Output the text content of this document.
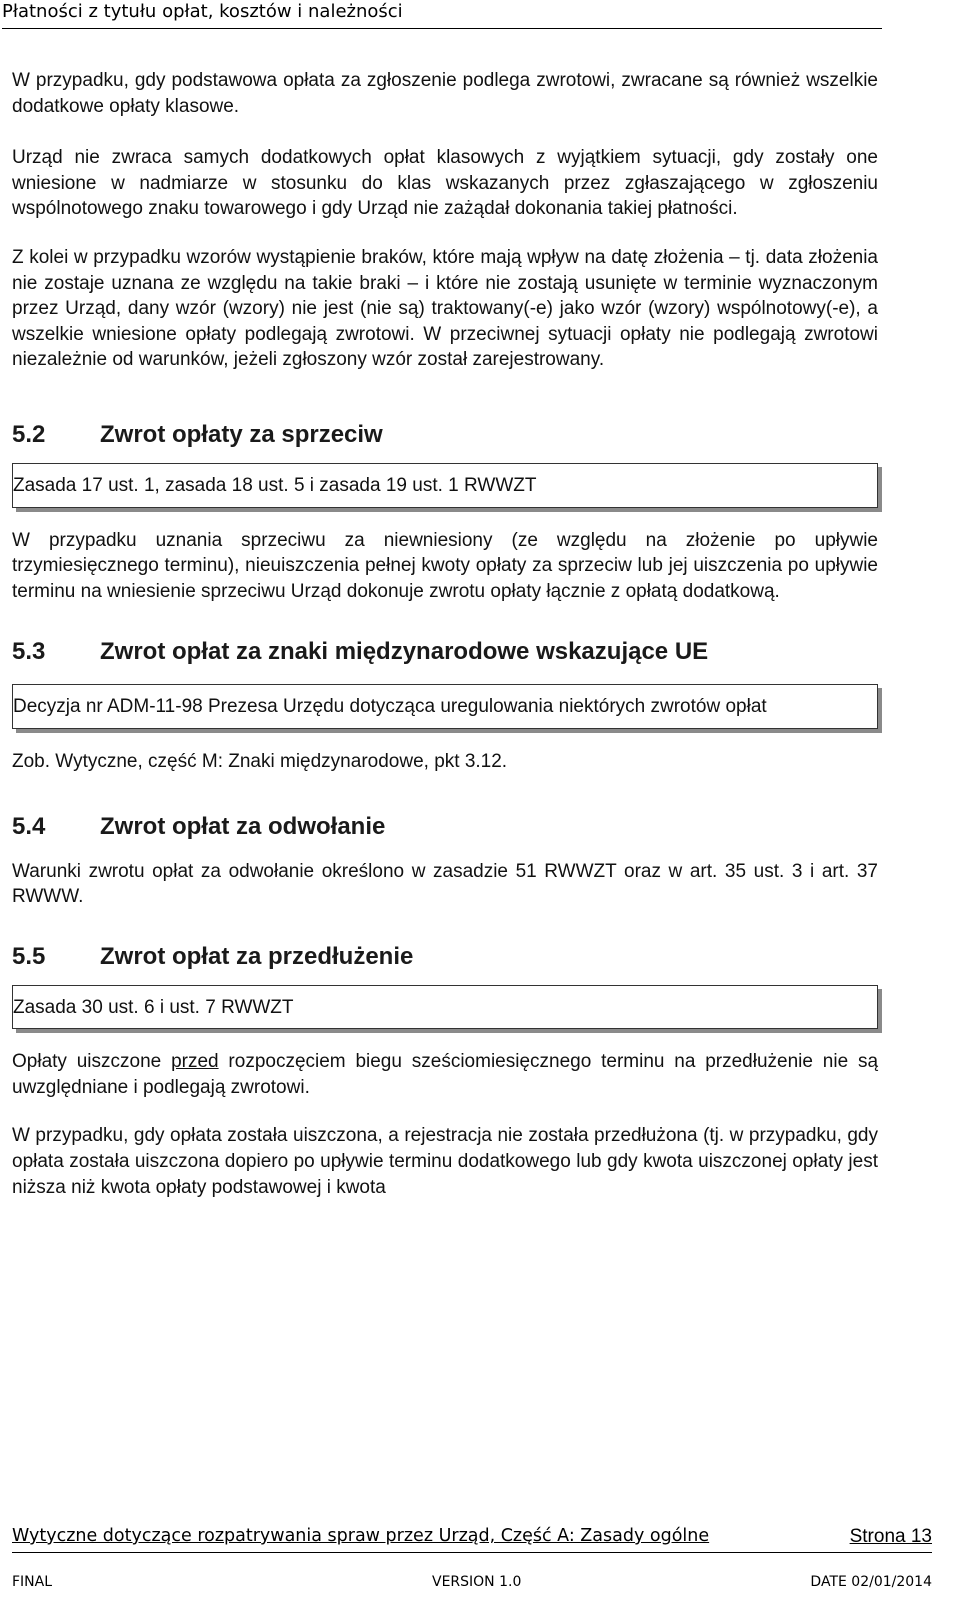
Płatności z tytułu opłat, kosztów i należności

W przypadku, gdy podstawowa opłata za zgłoszenie podlega zwrotowi, zwracane są również wszelkie dodatkowe opłaty klasowe.

Urząd nie zwraca samych dodatkowych opłat klasowych z wyjątkiem sytuacji, gdy zostały one wniesione w nadmiarze w stosunku do klas wskazanych przez zgłaszającego w zgłoszeniu wspólnotowego znaku towarowego i gdy Urząd nie zażądał dokonania takiej płatności.

Z kolei w przypadku wzorów wystąpienie braków, które mają wpływ na datę złożenia – tj. data złożenia nie zostaje uznana ze względu na takie braki – i które nie zostają usunięte w terminie wyznaczonym przez Urząd, dany wzór (wzory) nie jest (nie są) traktowany(-e) jako wzór (wzory) wspólnotowy(-e), a wszelkie wniesione opłaty podlegają zwrotowi. W przeciwnej sytuacji opłaty nie podlegają zwrotowi niezależnie od warunków, jeżeli zgłoszony wzór został zarejestrowany.

5.2 Zwrot opłaty za sprzeciw
Zasada 17 ust. 1, zasada 18 ust. 5 i zasada 19 ust. 1 RWWZT

W przypadku uznania sprzeciwu za niewniesiony (ze względu na złożenie po upływie trzymiesięcznego terminu), nieuiszczenia pełnej kwoty opłaty za sprzeciw lub jej uiszczenia po upływie terminu na wniesienie sprzeciwu Urząd dokonuje zwrotu opłaty łącznie z opłatą dodatkową.

5.3 Zwrot opłat za znaki międzynarodowe wskazujące UE
Decyzja nr ADM-11-98 Prezesa Urzędu dotycząca uregulowania niektórych zwrotów opłat

Zob. Wytyczne, część M: Znaki międzynarodowe, pkt 3.12.

5.4 Zwrot opłat za odwołanie

Warunki zwrotu opłat za odwołanie określono w zasadzie 51 RWWZT oraz w art. 35 ust. 3 i art. 37 RWWW.

5.5 Zwrot opłat za przedłużenie
Zasada 30 ust. 6 i ust. 7 RWWZT

Opłaty uiszczone przed rozpoczęciem biegu sześciomiesięcznego terminu na przedłużenie nie są uwzględniane i podlegają zwrotowi.

W przypadku, gdy opłata została uiszczona, a rejestracja nie została przedłużona (tj. w przypadku, gdy opłata została uiszczona dopiero po upływie terminu dodatkowego lub gdy kwota uiszczonej opłaty jest niższa niż kwota opłaty podstawowej i kwota

Wytyczne dotyczące rozpatrywania spraw przez Urząd, Część A: Zasady ogólne	Strona 13
FINAL	VERSION 1.0	DATE 02/01/2014
